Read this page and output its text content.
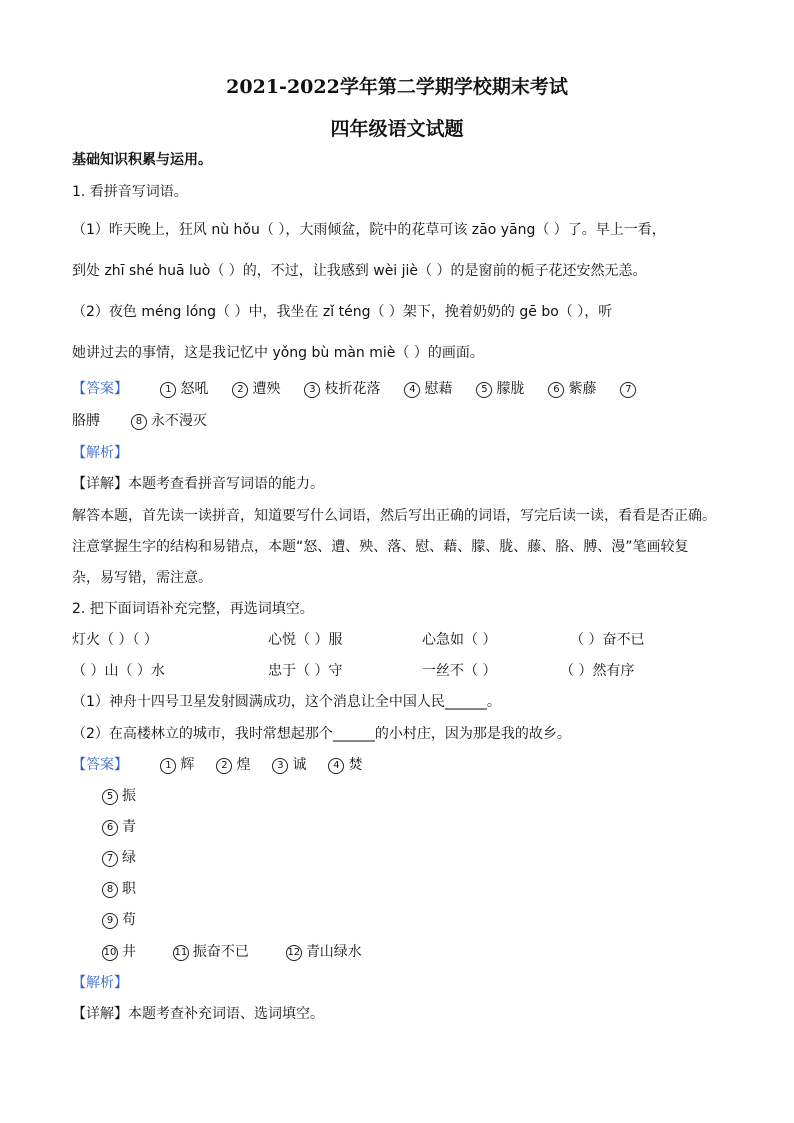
2021-2022学年第二学期学校期末考试
四年级语文试题
基础知识积累与运用。
1. 看拼音写词语。
（1）昨天晚上，狂风 nù hǒu（ ），大雨倾盆，院中的花草可该 zāo yāng（ ）了。早上一看，
到处 zhī shé huā luò（ ）的，不过，让我感到 wèi jiè（ ）的是窗前的栀子花还安然无恙。
（2）夜色 méng lóng（ ）中，我坐在 zǐ téng（ ）架下，挽着奶奶的 gē bo（ ），听
她讲过去的事情，这是我记忆中 yǒng bù màn miè（ ）的画面。
【答案】	1 怒吼	2 遭殃	3 枝折花落	4 慰藉	5 朦胧	6 紫藤	7
胳膊	8 永不漫灭
【解析】
【详解】本题考查看拼音写词语的能力。
解答本题，首先读一读拼音，知道要写什么词语，然后写出正确的词语，写完后读一读，看看是否正确。
注意掌握生字的结构和易错点，本题“怒、遭、殃、落、慰、藉、朦、胧、藤、胳、膊、漫”笔画较复
杂，易写错，需注意。
2. 把下面词语补充完整，再选词填空。
灯火（ ）（ ）	心悦（ ）服	心急如（ ）	（ ）奋不已
（ ）山（ ）水	忠于（ ）守	一丝不（ ）	（ ）然有序
（1）神舟十四号卫星发射圆满成功，这个消息让全中国人民______。
（2）在高楼林立的城市，我时常想起那个______的小村庄，因为那是我的故乡。
【答案】	1 辉	2 煌	3 诚	4 焚
5 振
6 青
7 绿
8 职
9 苟
10 井	11 振奋不已	12 青山绿水
【解析】
【详解】本题考查补充词语、选词填空。
